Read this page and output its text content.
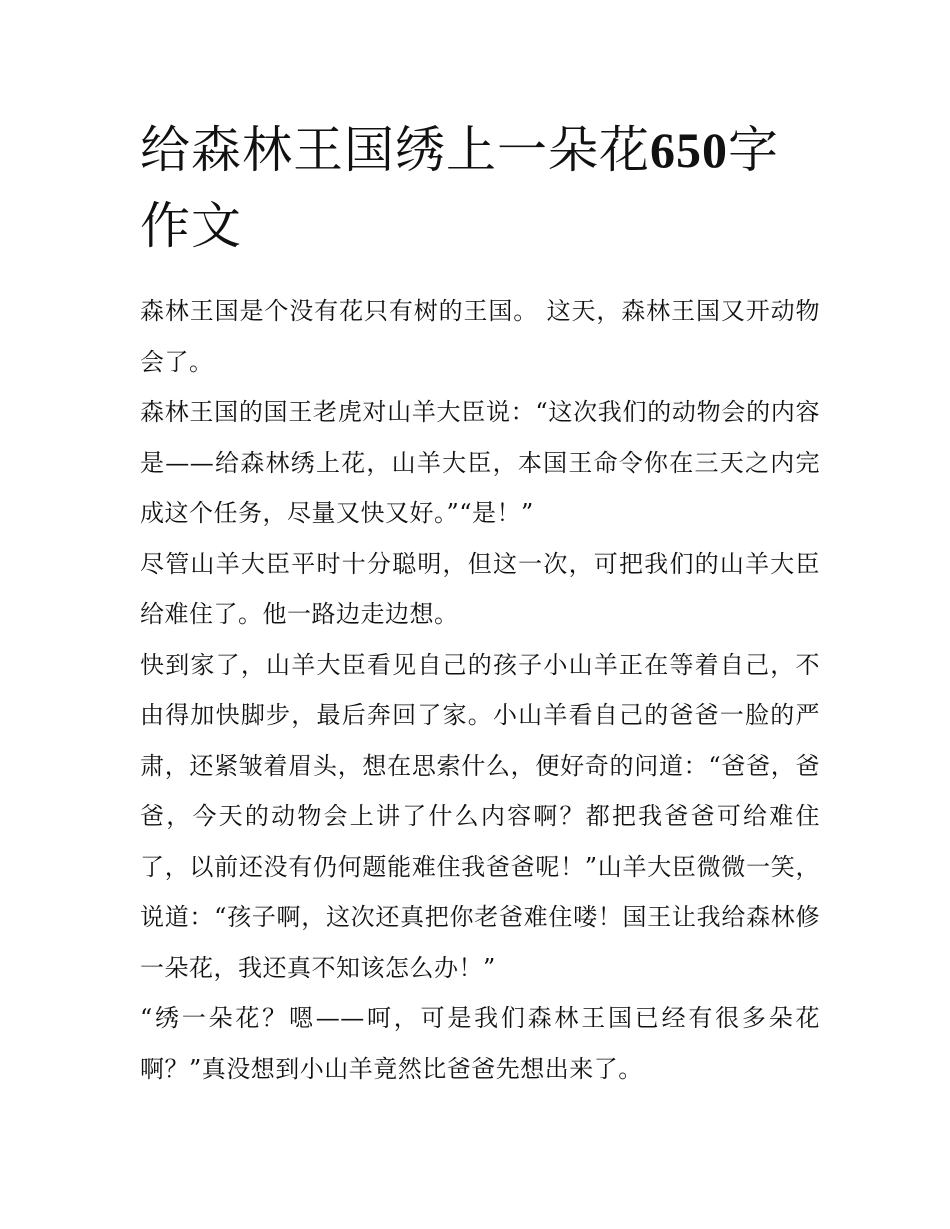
给森林王国绣上一朵花650字作文

森林王国是个没有花只有树的王国。 这天，森林王国又开动物会了。

森林王国的国王老虎对山羊大臣说：“这次我们的动物会的内容是——给森林绣上花，山羊大臣，本国王命令你在三天之内完成这个任务，尽量又快又好。”“是！”

尽管山羊大臣平时十分聪明，但这一次，可把我们的山羊大臣给难住了。他一路边走边想。

快到家了，山羊大臣看见自己的孩子小山羊正在等着自己，不由得加快脚步，最后奔回了家。小山羊看自己的爸爸一脸的严肃，还紧皱着眉头，想在思索什么，便好奇的问道：“爸爸，爸爸，今天的动物会上讲了什么内容啊？都把我爸爸可给难住了，以前还没有仍何题能难住我爸爸呢！”山羊大臣微微一笑，说道：“孩子啊，这次还真把你老爸难住喽！国王让我给森林修一朵花，我还真不知该怎么办！”

“绣一朵花？嗯——呵，可是我们森林王国已经有很多朵花啊？”真没想到小山羊竟然比爸爸先想出来了。
